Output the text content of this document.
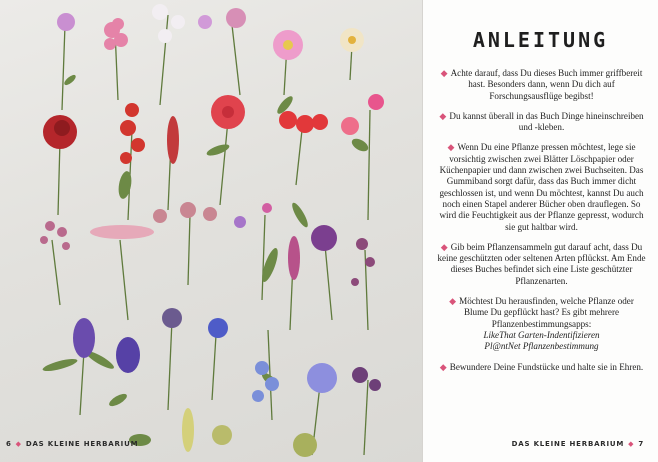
6 ◆ DAS KLEINE HERBARIUM
ANLEITUNG

◆ Achte darauf, dass Du dieses Buch immer griffbereit hast. Besonders dann, wenn Du dich auf Forschungsausflüge begibst!

◆ Du kannst überall in das Buch Dinge hineinschreiben und -kleben.

◆ Wenn Du eine Pflanze pressen möchtest, lege sie vorsichtig zwischen zwei Blätter Löschpapier oder Küchenpapier und dann zwischen zwei Buchseiten. Das Gummiband sorgt dafür, dass das Buch immer dicht geschlossen ist, und wenn Du möchtest, kannst Du auch noch einen Stapel anderer Bücher oben drauflegen. So wird die Feuchtigkeit aus der Pflanze gepresst, wodurch sie gut haltbar wird.

◆ Gib beim Pflanzensammeln gut darauf acht, dass Du keine geschützten oder seltenen Arten pflückst. Am Ende dieses Buches befindet sich eine Liste geschützter Pflanzenarten.

◆ Möchtest Du herausfinden, welche Pflanze oder Blume Du gepflückt hast? Es gibt mehrere Pflanzenbestimmungsapps:
LikeThat Garten-Indentifizieren
Pl@ntNet Pflanzenbestimmung

◆ Bewundere Deine Fundstücke und halte sie in Ehren.

DAS KLEINE HERBARIUM ◆ 7
